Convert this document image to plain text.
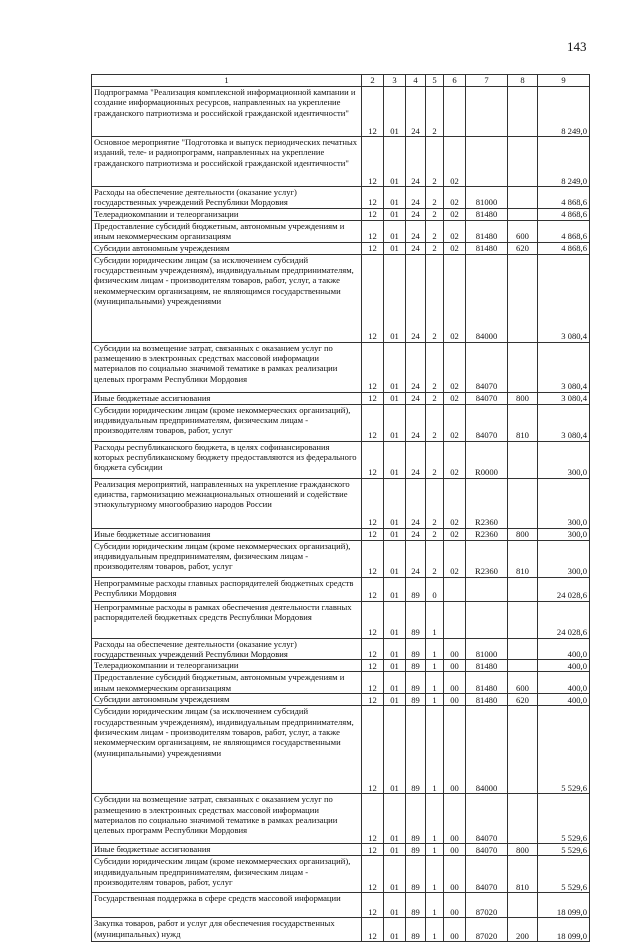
143
1	2	3	4	5	6	7	8	9
Подпрограмма "Реализация комплексной информационной кампании и создание информационных ресурсов, направленных на укрепление гражданского патриотизма и российской гражданской идентичности"	12	01	24	2				8 249,0
Основное мероприятие "Подготовка и выпуск периодических печатных изданий, теле- и радиопрограмм, направленных на укрепление гражданского патриотизма и российской гражданской идентичности"	12	01	24	2	02			8 249,0
Расходы на обеспечение деятельности (оказание услуг) государственных учреждений Республики Мордовия	12	01	24	2	02	81000		4 868,6
Телерадиокомпании и телеорганизации	12	01	24	2	02	81480		4 868,6
Предоставление субсидий бюджетным, автономным учреждениям и иным некоммерческим организациям	12	01	24	2	02	81480	600	4 868,6
Субсидии автономным учреждениям	12	01	24	2	02	81480	620	4 868,6
Субсидии юридическим лицам (за исключением субсидий государственным учреждениям), индивидуальным предпринимателям, физическим лицам - производителям товаров, работ, услуг, а также некоммерческим организациям, не являющимся государственными (муниципальными) учреждениями	12	01	24	2	02	84000		3 080,4
Субсидии на возмещение затрат, связанных с оказанием услуг по размещению в электронных средствах массовой информации материалов по социально значимой тематике в рамках реализации целевых программ Республики Мордовия	12	01	24	2	02	84070		3 080,4
Иные бюджетные ассигнования	12	01	24	2	02	84070	800	3 080,4
Субсидии юридическим лицам (кроме некоммерческих организаций), индивидуальным предпринимателям, физическим лицам - производителям товаров, работ, услуг	12	01	24	2	02	84070	810	3 080,4
Расходы республиканского бюджета, в целях софинансирования которых республиканскому бюджету предоставляются из федерального бюджета субсидии	12	01	24	2	02	R0000		300,0
Реализация мероприятий, направленных на укрепление гражданского единства, гармонизацию межнациональных отношений и содействие этнокультурному многообразию народов России	12	01	24	2	02	R2360		300,0
Иные бюджетные ассигнования	12	01	24	2	02	R2360	800	300,0
Субсидии юридическим лицам (кроме некоммерческих организаций), индивидуальным предпринимателям, физическим лицам - производителям товаров, работ, услуг	12	01	24	2	02	R2360	810	300,0
Непрограммные расходы главных распорядителей бюджетных средств Республики Мордовия	12	01	89	0				24 028,6
Непрограммные расходы в рамках обеспечения деятельности главных распорядителей бюджетных средств Республики Мордовия	12	01	89	1				24 028,6
Расходы на обеспечение деятельности (оказание услуг) государственных учреждений Республики Мордовия	12	01	89	1	00	81000		400,0
Телерадиокомпании и телеорганизации	12	01	89	1	00	81480		400,0
Предоставление субсидий бюджетным, автономным учреждениям и иным некоммерческим организациям	12	01	89	1	00	81480	600	400,0
Субсидии автономным учреждениям	12	01	89	1	00	81480	620	400,0
Субсидии юридическим лицам (за исключением субсидий государственным учреждениям), индивидуальным предпринимателям, физическим лицам - производителям товаров, работ, услуг, а также некоммерческим организациям, не являющимся государственными (муниципальными) учреждениями	12	01	89	1	00	84000		5 529,6
Субсидии на возмещение затрат, связанных с оказанием услуг по размещению в электронных средствах массовой информации материалов по социально значимой тематике в рамках реализации целевых программ Республики Мордовия	12	01	89	1	00	84070		5 529,6
Иные бюджетные ассигнования	12	01	89	1	00	84070	800	5 529,6
Субсидии юридическим лицам (кроме некоммерческих организаций), индивидуальным предпринимателям, физическим лицам - производителям товаров, работ, услуг	12	01	89	1	00	84070	810	5 529,6
Государственная поддержка в сфере средств массовой информации	12	01	89	1	00	87020		18 099,0
Закупка товаров, работ и услуг для обеспечения государственных (муниципальных) нужд	12	01	89	1	00	87020	200	18 099,0
